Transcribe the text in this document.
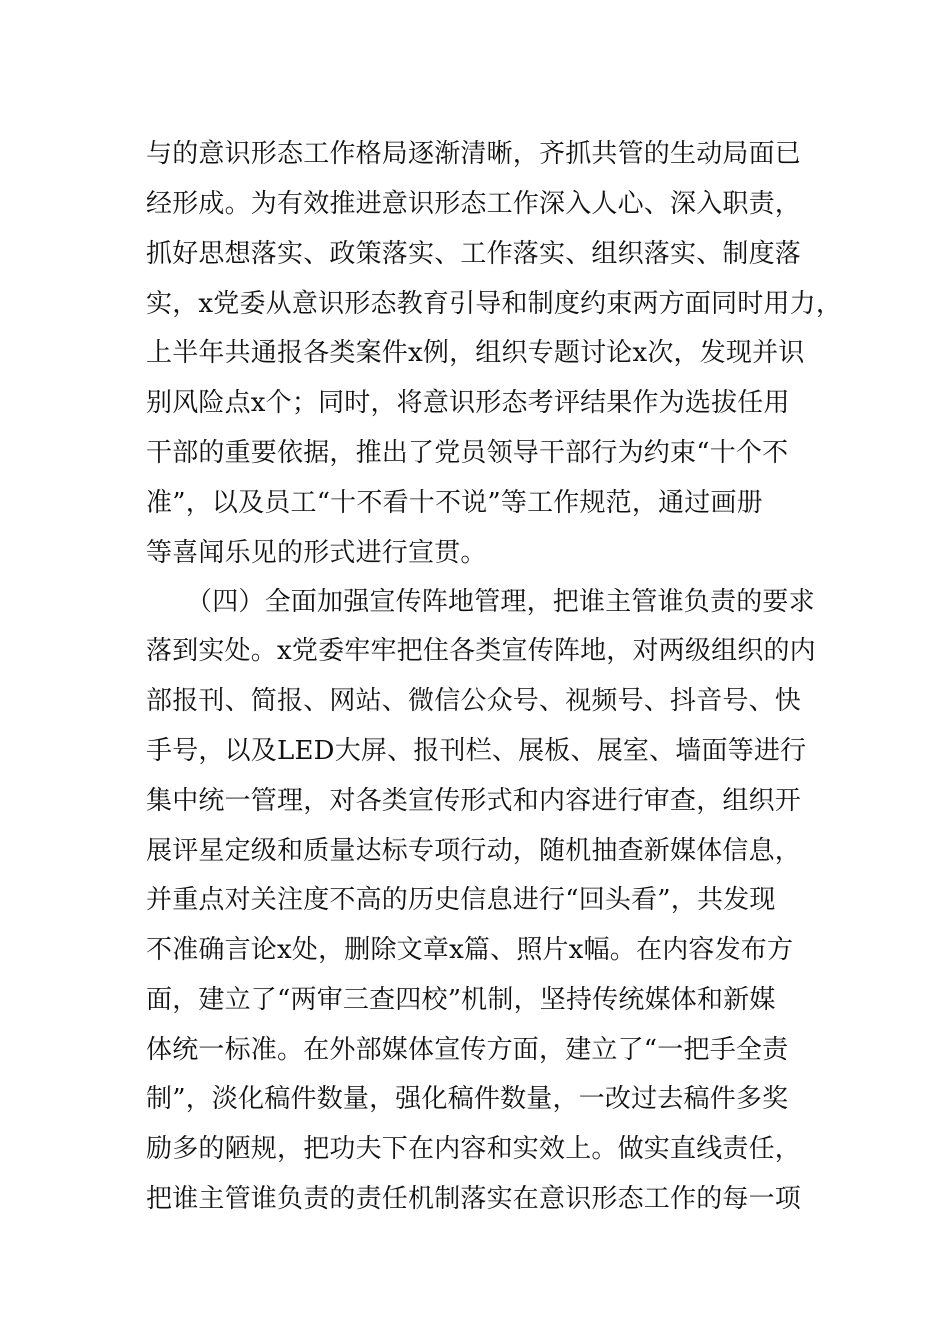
与的意识形态工作格局逐渐清晰，齐抓共管的生动局面已
经形成。为有效推进意识形态工作深入人心、深入职责，
抓好思想落实、政策落实、工作落实、组织落实、制度落
实，x党委从意识形态教育引导和制度约束两方面同时用力，
上半年共通报各类案件x例，组织专题讨论x次，发现并识
别风险点x个；同时，将意识形态考评结果作为选拔任用
干部的重要依据，推出了党员领导干部行为约束“十个不
准”，以及员工“十不看十不说”等工作规范，通过画册
等喜闻乐见的形式进行宣贯。
（四）全面加强宣传阵地管理，把谁主管谁负责的要求
落到实处。x党委牢牢把住各类宣传阵地，对两级组织的内
部报刊、简报、网站、微信公众号、视频号、抖音号、快
手号，以及LED大屏、报刊栏、展板、展室、墙面等进行
集中统一管理，对各类宣传形式和内容进行审查，组织开
展评星定级和质量达标专项行动，随机抽查新媒体信息，
并重点对关注度不高的历史信息进行“回头看”，共发现
不准确言论x处，删除文章x篇、照片x幅。在内容发布方
面，建立了“两审三查四校”机制，坚持传统媒体和新媒
体统一标准。在外部媒体宣传方面，建立了“一把手全责
制”，淡化稿件数量，强化稿件数量，一改过去稿件多奖
励多的陋规，把功夫下在内容和实效上。做实直线责任，
把谁主管谁负责的责任机制落实在意识形态工作的每一项
